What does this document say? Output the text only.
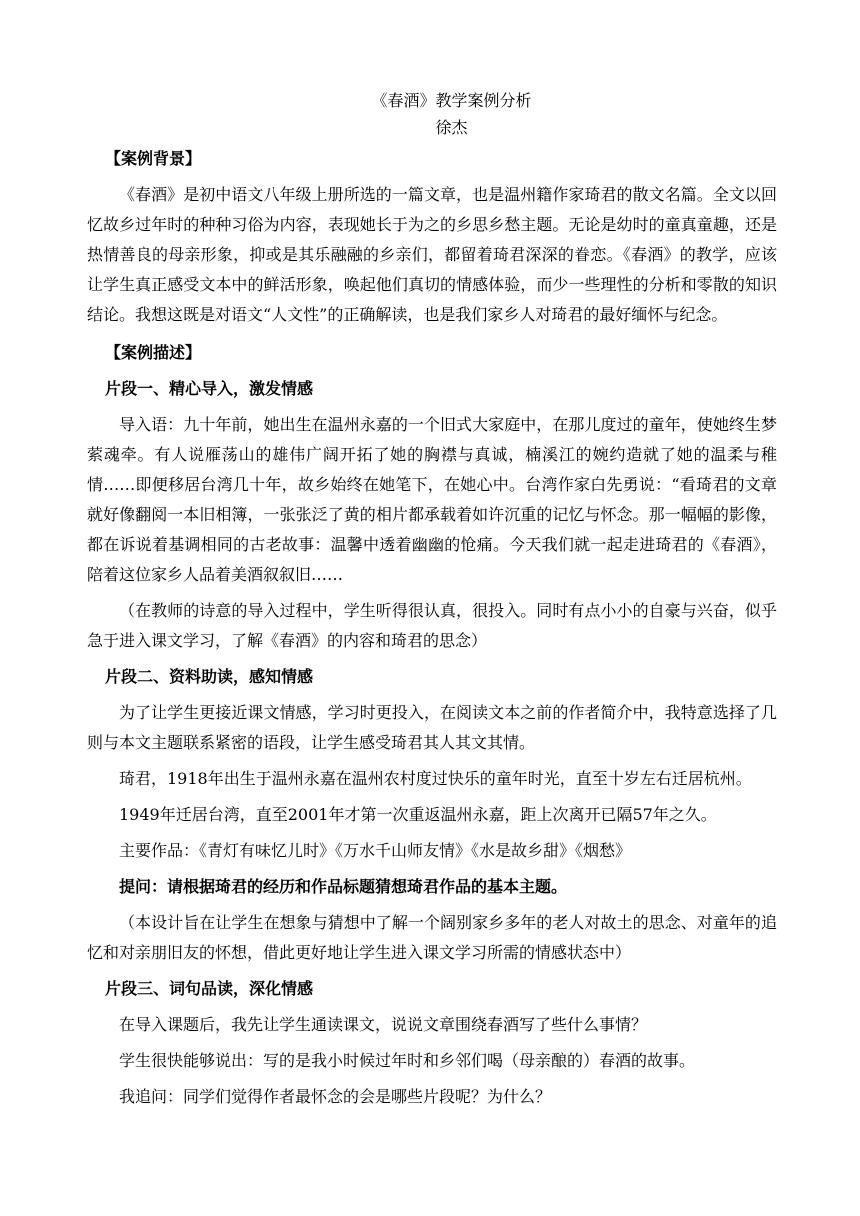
《春酒》教学案例分析
徐杰

【案例背景】

《春酒》是初中语文八年级上册所选的一篇文章，也是温州籍作家琦君的散文名篇。全文以回忆故乡过年时的种种习俗为内容，表现她长于为之的乡思乡愁主题。无论是幼时的童真童趣，还是热情善良的母亲形象，抑或是其乐融融的乡亲们，都留着琦君深深的眷恋。《春酒》的教学，应该让学生真正感受文本中的鲜活形象，唤起他们真切的情感体验，而少一些理性的分析和零散的知识结论。我想这既是对语文“人文性”的正确解读，也是我们家乡人对琦君的最好缅怀与纪念。

【案例描述】

片段一、精心导入，激发情感

导入语：九十年前，她出生在温州永嘉的一个旧式大家庭中，在那儿度过的童年，使她终生梦萦魂牵。有人说雁荡山的雄伟广阔开拓了她的胸襟与真诚，楠溪江的婉约造就了她的温柔与稚情……即便移居台湾几十年，故乡始终在她笔下，在她心中。台湾作家白先勇说：“看琦君的文章就好像翻阅一本旧相簿，一张张泛了黄的相片都承载着如许沉重的记忆与怀念。那一幅幅的影像，都在诉说着基调相同的古老故事：温馨中透着幽幽的怆痛。今天我们就一起走进琦君的《春酒》，陪着这位家乡人品着美酒叙叙旧……

（在教师的诗意的导入过程中，学生听得很认真，很投入。同时有点小小的自豪与兴奋，似乎急于进入课文学习，了解《春酒》的内容和琦君的思念）

片段二、资料助读，感知情感

为了让学生更接近课文情感，学习时更投入，在阅读文本之前的作者简介中，我特意选择了几则与本文主题联系紧密的语段，让学生感受琦君其人其文其情。

琦君，1918年出生于温州永嘉在温州农村度过快乐的童年时光，直至十岁左右迁居杭州。

1949年迁居台湾，直至2001年才第一次重返温州永嘉，距上次离开已隔57年之久。

主要作品：《青灯有味忆儿时》《万水千山师友情》《水是故乡甜》《烟愁》

提问：请根据琦君的经历和作品标题猜想琦君作品的基本主题。

（本设计旨在让学生在想象与猜想中了解一个阔别家乡多年的老人对故土的思念、对童年的追忆和对亲朋旧友的怀想，借此更好地让学生进入课文学习所需的情感状态中）

片段三、词句品读，深化情感

在导入课题后，我先让学生通读课文，说说文章围绕春酒写了些什么事情？

学生很快能够说出：写的是我小时候过年时和乡邻们喝（母亲酿的）春酒的故事。

我追问：同学们觉得作者最怀念的会是哪些片段呢？为什么？
